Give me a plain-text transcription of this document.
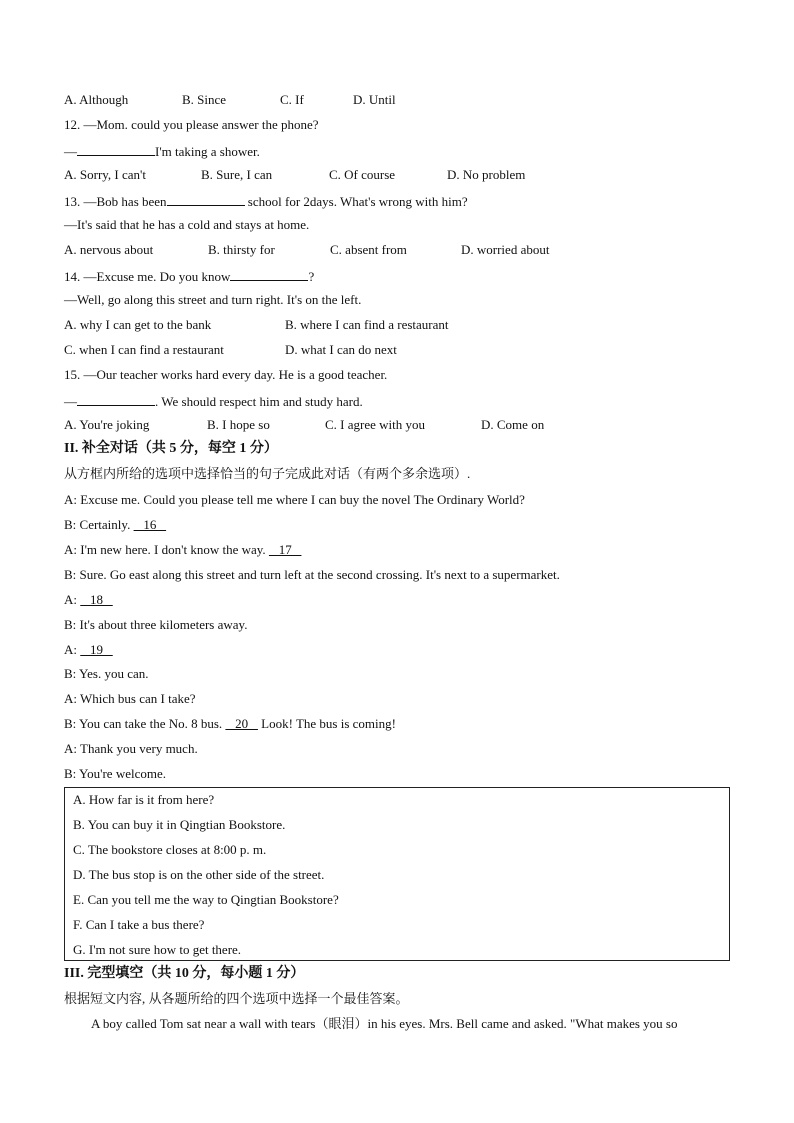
A. Although	B. Since	C. If	D. Until
12. —Mom. could you please answer the phone?
—	I'm taking a shower.
A. Sorry, I can't	B. Sure, I can	C. Of course	D. No problem
13. —Bob has been	school for 2days. What's wrong with him?
—It's said that he has a cold and stays at home.
A. nervous about	B. thirsty for	C. absent from	D. worried about
14. —Excuse me. Do you know	?
—Well, go along this street and turn right. It's on the left.
A. why I can get to the bank	B. where I can find a restaurant
C. when I can find a restaurant	D. what I can do next
15. —Our teacher works hard every day. He is a good teacher.
—	. We should respect him and study hard.
A. You're joking	B. I hope so	C. I agree with you	D. Come on
II. 补全对话（共 5 分，每空 1 分）
从方框内所给的选项中选择恰当的句子完成此对话（有两个多余选项）.
A: Excuse me. Could you please tell me where I can buy the novel The Ordinary World?
B: Certainly.    16
A: I'm new here. I don't know the way.    17
B: Sure. Go east along this street and turn left at the second crossing. It's next to a supermarket.
A:    18
B: It's about three kilometers away.
A:    19
B: Yes. you can.
A: Which bus can I take?
B: You can take the No. 8 bus.    20    Look! The bus is coming!
A: Thank you very much.
B: You're welcome.
A. How far is it from here?
B. You can buy it in Qingtian Bookstore.
C. The bookstore closes at 8:00 p. m.
D. The bus stop is on the other side of the street.
E. Can you tell me the way to Qingtian Bookstore?
F. Can I take a bus there?
G. I'm not sure how to get there.
III. 完型填空（共 10 分，每小题 1 分）
根据短文内容, 从各题所给的四个选项中选择一个最佳答案。
A boy called Tom sat near a wall with tears（眼泪）in his eyes. Mrs. Bell came and asked. "What makes you so
